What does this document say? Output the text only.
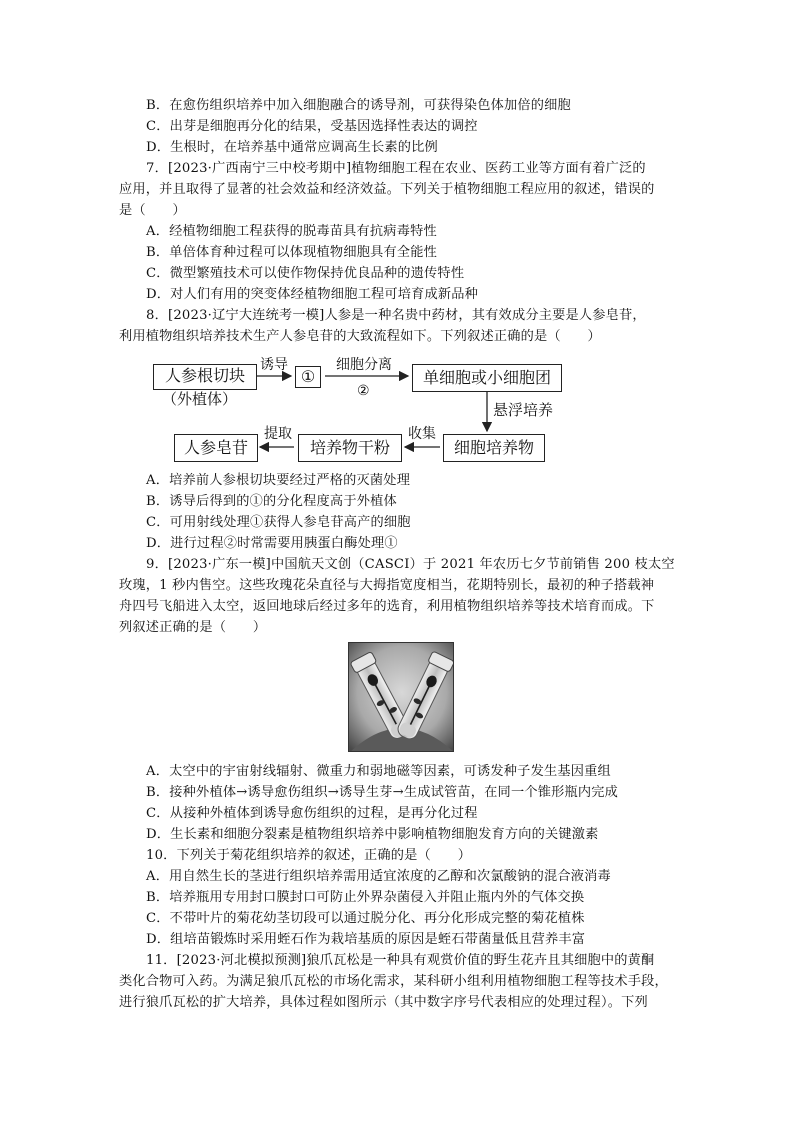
B．在愈伤组织培养中加入细胞融合的诱导剂，可获得染色体加倍的细胞
C．出芽是细胞再分化的结果，受基因选择性表达的调控
D．生根时，在培养基中通常应调高生长素的比例
7．[2023·广西南宁三中校考期中]植物细胞工程在农业、医药工业等方面有着广泛的
应用，并且取得了显著的社会效益和经济效益。下列关于植物细胞工程应用的叙述，错误的
是（　　）
A．经植物细胞工程获得的脱毒苗具有抗病毒特性
B．单倍体育种过程可以体现植物细胞具有全能性
C．微型繁殖技术可以使作物保持优良品种的遗传特性
D．对人们有用的突变体经植物细胞工程可培育成新品种
8．[2023·辽宁大连统考一模]人参是一种名贵中药材，其有效成分主要是人参皂苷，
利用植物组织培养技术生产人参皂苷的大致流程如下。下列叙述正确的是（　　）
人参根切块
（外植体）
诱导
①
细胞分离
②
单细胞或小细胞团
悬浮培养
细胞培养物
收集
培养物干粉
提取
人参皂苷
A．培养前人参根切块要经过严格的灭菌处理
B．诱导后得到的①的分化程度高于外植体
C．可用射线处理①获得人参皂苷高产的细胞
D．进行过程②时常需要用胰蛋白酶处理①
9．[2023·广东一模]中国航天文创（CASCI）于 2021 年农历七夕节前销售 200 枝太空
玫瑰，1 秒内售空。这些玫瑰花朵直径与大拇指宽度相当，花期特别长，最初的种子搭载神
舟四号飞船进入太空，返回地球后经过多年的选育，利用植物组织培养等技术培育而成。下
列叙述正确的是（　　）
A．太空中的宇宙射线辐射、微重力和弱地磁等因素，可诱发种子发生基因重组
B．接种外植体→诱导愈伤组织→诱导生芽→生成试管苗，在同一个锥形瓶内完成
C．从接种外植体到诱导愈伤组织的过程，是再分化过程
D．生长素和细胞分裂素是植物组织培养中影响植物细胞发育方向的关键激素
10．下列关于菊花组织培养的叙述，正确的是（　　）
A．用自然生长的茎进行组织培养需用适宜浓度的乙醇和次氯酸钠的混合液消毒
B．培养瓶用专用封口膜封口可防止外界杂菌侵入并阻止瓶内外的气体交换
C．不带叶片的菊花幼茎切段可以通过脱分化、再分化形成完整的菊花植株
D．组培苗锻炼时采用蛭石作为栽培基质的原因是蛭石带菌量低且营养丰富
11．[2023·河北模拟预测]狼爪瓦松是一种具有观赏价值的野生花卉且其细胞中的黄酮
类化合物可入药。为满足狼爪瓦松的市场化需求，某科研小组利用植物细胞工程等技术手段，
进行狼爪瓦松的扩大培养，具体过程如图所示（其中数字序号代表相应的处理过程）。下列
